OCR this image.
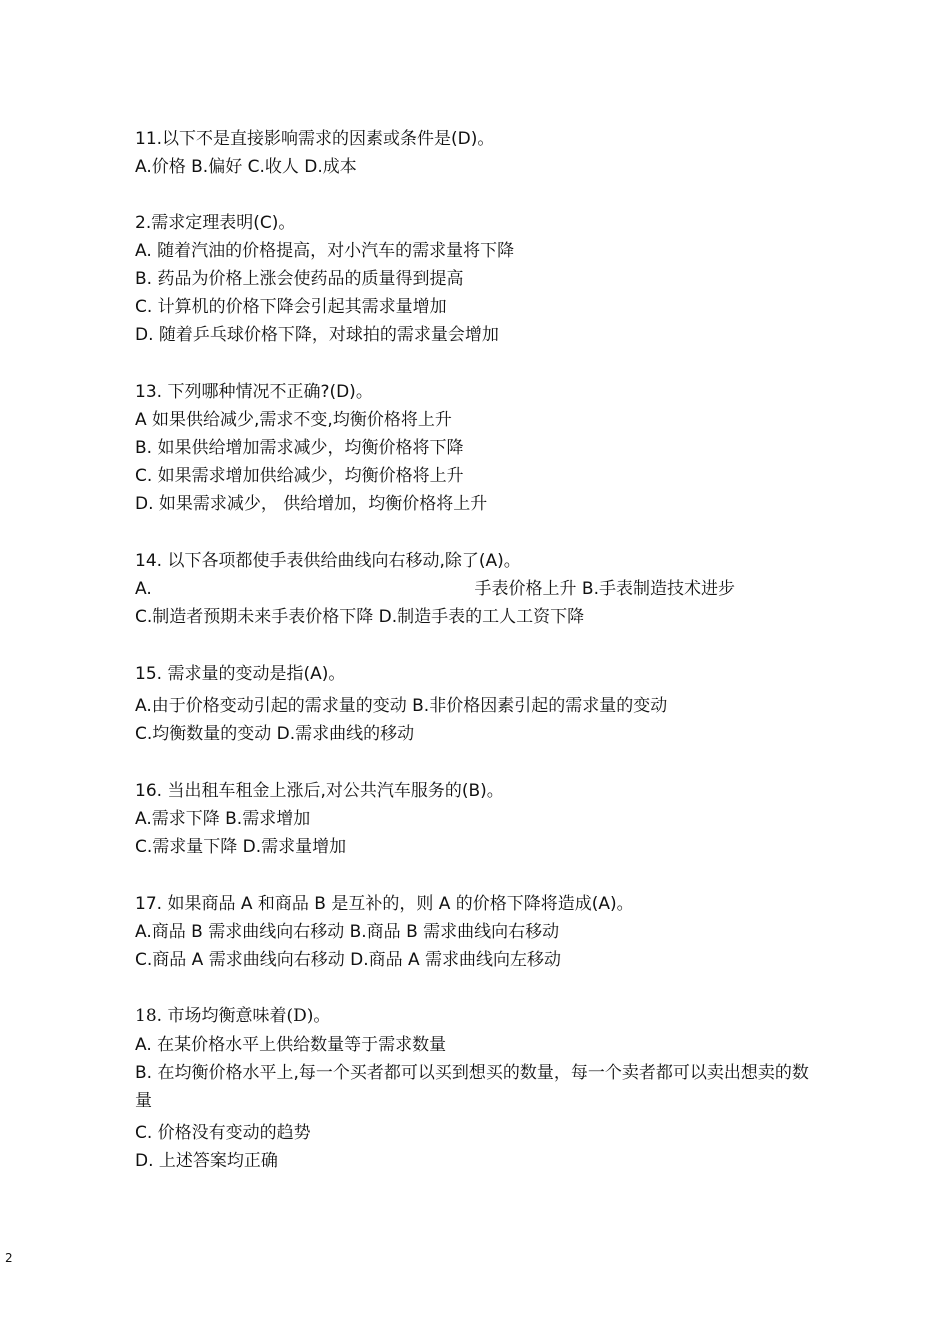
11.以下不是直接影响需求的因素或条件是(D)。
A.价格 B.偏好 C.收人 D.成本
2.需求定理表明(C)。
A. 随着汽油的价格提高，对小汽车的需求量将下降
B. 药品为价格上涨会使药品的质量得到提高
C. 计算机的价格下降会引起其需求量增加
D. 随着乒乓球价格下降，对球拍的需求量会增加
13. 下列哪种情况不正确?(D)。
A 如果供给减少,需求不变,均衡价格将上升
B. 如果供给增加需求减少，均衡价格将下降
C. 如果需求增加供给减少，均衡价格将上升
D. 如果需求减少， 供给增加，均衡价格将上升
14. 以下各项都使手表供给曲线向右移动,除了(A)。
A.	手表价格上升 B.手表制造技术进步
C.制造者预期未来手表价格下降 D.制造手表的工人工资下降
15. 需求量的变动是指(A)。
A.由于价格变动引起的需求量的变动 B.非价格因素引起的需求量的变动
C.均衡数量的变动 D.需求曲线的移动
16. 当出租车租金上涨后,对公共汽车服务的(B)。
A.需求下降 B.需求增加
C.需求量下降 D.需求量增加
17. 如果商品 A 和商品 B 是互补的，则 A 的价格下降将造成(A)。
A.商品 B 需求曲线向右移动 B.商品 B 需求曲线向右移动
C.商品 A 需求曲线向右移动 D.商品 A 需求曲线向左移动
18. 市场均衡意味着(D)。
A. 在某价格水平上供给数量等于需求数量
B. 在均衡价格水平上,每一个买者都可以买到想买的数量，每一个卖者都可以卖出想卖的数量
C. 价格没有变动的趋势
D. 上述答案均正确
2
